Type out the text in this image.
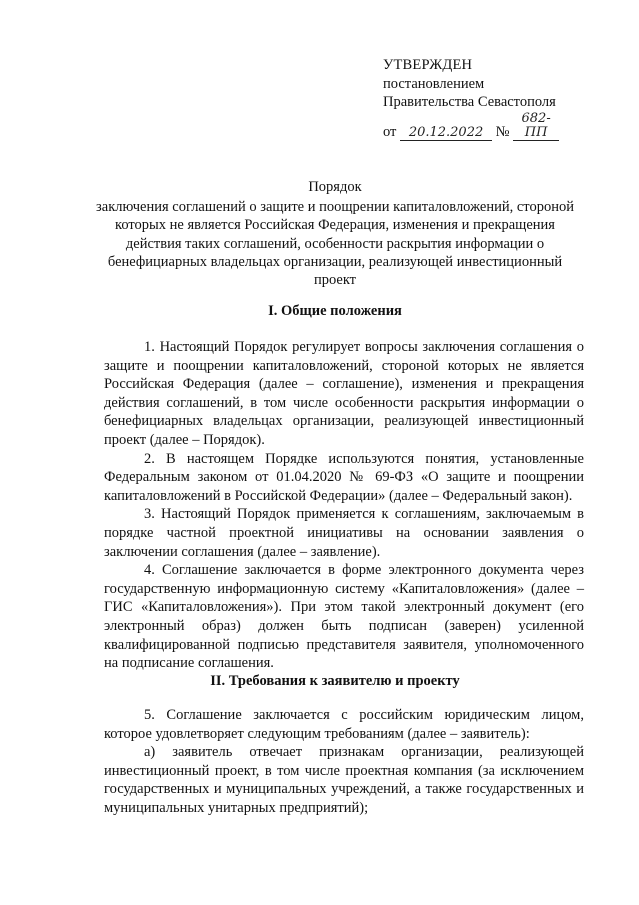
УТВЕРЖДЕН
постановлением
Правительства Севастополя
от 20.12.2022 № 682-ПП
Порядок
заключения соглашений о защите и поощрении капиталовложений, стороной которых не является Российская Федерация, изменения и прекращения действия таких соглашений, особенности раскрытия информации о бенефициарных владельцах организации, реализующей инвестиционный проект
I. Общие положения

1. Настоящий Порядок регулирует вопросы заключения соглашения о защите и поощрении капиталовложений, стороной которых не является Российская Федерация (далее – соглашение), изменения и прекращения действия соглашений, в том числе особенности раскрытия информации о бенефициарных владельцах организации, реализующей инвестиционный проект (далее – Порядок).

2. В настоящем Порядке используются понятия, установленные Федеральным законом от 01.04.2020 № 69-ФЗ «О защите и поощрении капиталовложений в Российской Федерации» (далее – Федеральный закон).

3. Настоящий Порядок применяется к соглашениям, заключаемым в порядке частной проектной инициативы на основании заявления о заключении соглашения (далее – заявление).

4. Соглашение заключается в форме электронного документа через государственную информационную систему «Капиталовложения» (далее – ГИС «Капиталовложения»). При этом такой электронный документ (его электронный образ) должен быть подписан (заверен) усиленной квалифицированной подписью представителя заявителя, уполномоченного на подписание соглашения.

II. Требования к заявителю и проекту

5. Соглашение заключается с российским юридическим лицом, которое удовлетворяет следующим требованиям (далее – заявитель):

а) заявитель отвечает признакам организации, реализующей инвестиционный проект, в том числе проектная компания (за исключением государственных и муниципальных учреждений, а также государственных и муниципальных унитарных предприятий);
